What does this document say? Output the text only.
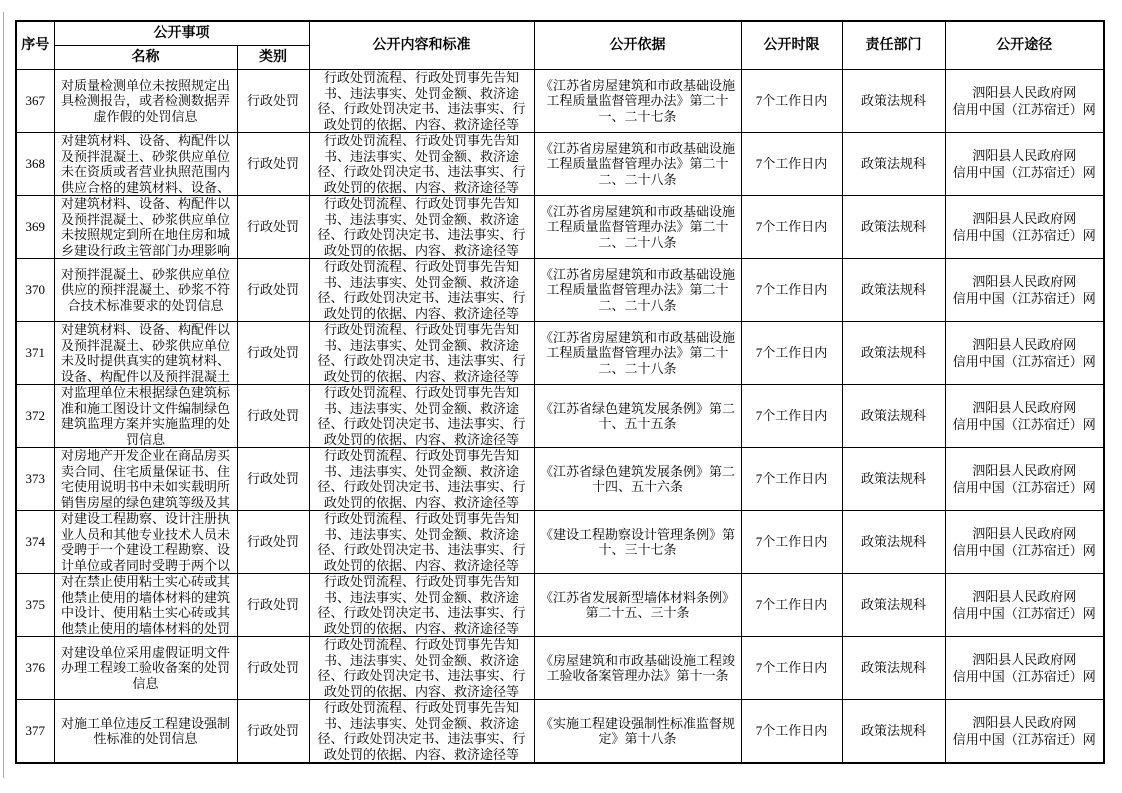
序号	公开事项		公开内容和标准	公开依据	公开时限	责任部门	公开途径
	名称	类别					
367	对质量检测单位未按照规定出具检测报告，或者检测数据弄虚作假的处罚信息	行政处罚	行政处罚流程、行政处罚事先告知书、违法事实、处罚金额、救济途径、行政处罚决定书、违法事实、行政处罚的依据、内容、救济途径等	《江苏省房屋建筑和市政基础设施工程质量监督管理办法》第二十一、二十七条	7个工作日内	政策法规科	泗阳县人民政府网
信用中国（江苏宿迁）网

368	对建筑材料、设备、构配件以及预拌混凝土、砂浆供应单位未在资质或者营业执照范围内供应合格的建筑材料、设备、	行政处罚	行政处罚流程、行政处罚事先告知书、违法事实、处罚金额、救济途径、行政处罚决定书、违法事实、行政处罚的依据、内容、救济途径等	《江苏省房屋建筑和市政基础设施工程质量监督管理办法》第二十二、二十八条	7个工作日内	政策法规科	泗阳县人民政府网
信用中国（江苏宿迁）网

369	对建筑材料、设备、构配件以及预拌混凝土、砂浆供应单位未按照规定到所在地住房和城乡建设行政主管部门办理影响	行政处罚	行政处罚流程、行政处罚事先告知书、违法事实、处罚金额、救济途径、行政处罚决定书、违法事实、行政处罚的依据、内容、救济途径等	《江苏省房屋建筑和市政基础设施工程质量监督管理办法》第二十二、二十八条	7个工作日内	政策法规科	泗阳县人民政府网
信用中国（江苏宿迁）网

370	对预拌混凝土、砂浆供应单位供应的预拌混凝土、砂浆不符合技术标准要求的处罚信息	行政处罚	行政处罚流程、行政处罚事先告知书、违法事实、处罚金额、救济途径、行政处罚决定书、违法事实、行政处罚的依据、内容、救济途径等	《江苏省房屋建筑和市政基础设施工程质量监督管理办法》第二十二、二十八条	7个工作日内	政策法规科	泗阳县人民政府网
信用中国（江苏宿迁）网

371	对建筑材料、设备、构配件以及预拌混凝土、砂浆供应单位未及时提供真实的建筑材料、设备、构配件以及预拌混凝土	行政处罚	行政处罚流程、行政处罚事先告知书、违法事实、处罚金额、救济途径、行政处罚决定书、违法事实、行政处罚的依据、内容、救济途径等	《江苏省房屋建筑和市政基础设施工程质量监督管理办法》第二十二、二十八条	7个工作日内	政策法规科	泗阳县人民政府网
信用中国（江苏宿迁）网

372	对监理单位未根据绿色建筑标准和施工图设计文件编制绿色建筑监理方案并实施监理的处罚信息	行政处罚	行政处罚流程、行政处罚事先告知书、违法事实、处罚金额、救济途径、行政处罚决定书、违法事实、行政处罚的依据、内容、救济途径等	《江苏省绿色建筑发展条例》第二十、五十五条	7个工作日内	政策法规科	泗阳县人民政府网
信用中国（江苏宿迁）网

373	对房地产开发企业在商品房买卖合同、住宅质量保证书、住宅使用说明书中未如实载明所销售房屋的绿色建筑等级及其	行政处罚	行政处罚流程、行政处罚事先告知书、违法事实、处罚金额、救济途径、行政处罚决定书、违法事实、行政处罚的依据、内容、救济途径等	《江苏省绿色建筑发展条例》第二十四、五十六条	7个工作日内	政策法规科	泗阳县人民政府网
信用中国（江苏宿迁）网

374	对建设工程勘察、设计注册执业人员和其他专业技术人员未受聘于一个建设工程勘察、设计单位或者同时受聘于两个以	行政处罚	行政处罚流程、行政处罚事先告知书、违法事实、处罚金额、救济途径、行政处罚决定书、违法事实、行政处罚的依据、内容、救济途径等	《建设工程勘察设计管理条例》第十、三十七条	7个工作日内	政策法规科	泗阳县人民政府网
信用中国（江苏宿迁）网

375	对在禁止使用粘土实心砖或其他禁止使用的墙体材料的建筑中设计、使用粘土实心砖或其他禁止使用的墙体材料的处罚	行政处罚	行政处罚流程、行政处罚事先告知书、违法事实、处罚金额、救济途径、行政处罚决定书、违法事实、行政处罚的依据、内容、救济途径等	《江苏省发展新型墙体材料条例》第二十五、三十条	7个工作日内	政策法规科	泗阳县人民政府网
信用中国（江苏宿迁）网

376	对建设单位采用虚假证明文件办理工程竣工验收备案的处罚信息	行政处罚	行政处罚流程、行政处罚事先告知书、违法事实、处罚金额、救济途径、行政处罚决定书、违法事实、行政处罚的依据、内容、救济途径等	《房屋建筑和市政基础设施工程竣工验收备案管理办法》第十一条	7个工作日内	政策法规科	泗阳县人民政府网
信用中国（江苏宿迁）网

377	对施工单位违反工程建设强制性标准的处罚信息	行政处罚	行政处罚流程、行政处罚事先告知书、违法事实、处罚金额、救济途径、行政处罚决定书、违法事实、行政处罚的依据、内容、救济途径等	《实施工程建设强制性标准监督规定》第十八条	7个工作日内	政策法规科	泗阳县人民政府网
信用中国（江苏宿迁）网
